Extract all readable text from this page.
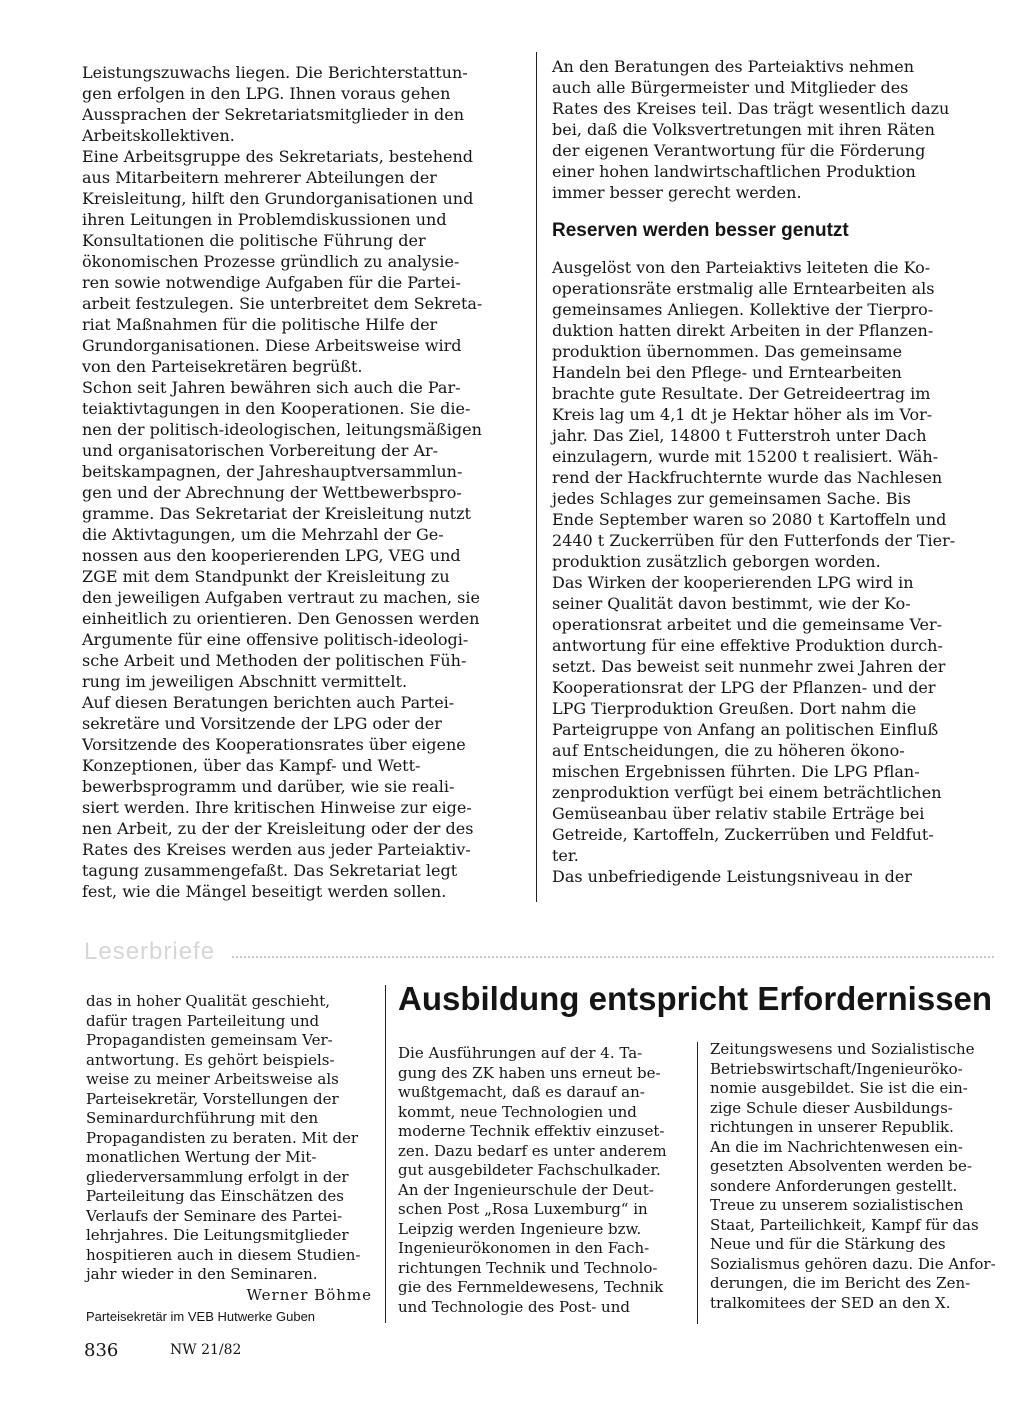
Leistungszuwachs liegen. Die Berichterstattun-
gen erfolgen in den LPG. Ihnen voraus gehen
Aussprachen der Sekretariatsmitglieder in den
Arbeitskollektiven.

Eine Arbeitsgruppe des Sekretariats, bestehend
aus Mitarbeitern mehrerer Abteilungen der
Kreisleitung, hilft den Grundorganisationen und
ihren Leitungen in Problemdiskussionen und
Konsultationen die politische Führung der
ökonomischen Prozesse gründlich zu analysie-
ren sowie notwendige Aufgaben für die Partei-
arbeit festzulegen. Sie unterbreitet dem Sekreta-
riat Maßnahmen für die politische Hilfe der
Grundorganisationen. Diese Arbeitsweise wird
von den Parteisekretären begrüßt.

Schon seit Jahren bewähren sich auch die Par-
teiaktivtagungen in den Kooperationen. Sie die-
nen der politisch-ideologischen, leitungsmäßigen
und organisatorischen Vorbereitung der Ar-
beitskampagnen, der Jahreshauptversammlun-
gen und der Abrechnung der Wettbewerbspro-
gramme. Das Sekretariat der Kreisleitung nutzt
die Aktivtagungen, um die Mehrzahl der Ge-
nossen aus den kooperierenden LPG, VEG und
ZGE mit dem Standpunkt der Kreisleitung zu
den jeweiligen Aufgaben vertraut zu machen, sie
einheitlich zu orientieren. Den Genossen werden
Argumente für eine offensive politisch-ideologi-
sche Arbeit und Methoden der politischen Füh-
rung im jeweiligen Abschnitt vermittelt.

Auf diesen Beratungen berichten auch Partei-
sekretäre und Vorsitzende der LPG oder der
Vorsitzende des Kooperationsrates über eigene
Konzeptionen, über das Kampf- und Wett-
bewerbsprogramm und darüber, wie sie reali-
siert werden. Ihre kritischen Hinweise zur eige-
nen Arbeit, zu der der Kreisleitung oder der des
Rates des Kreises werden aus jeder Parteiaktiv-
tagung zusammengefaßt. Das Sekretariat legt
fest, wie die Mängel beseitigt werden sollen.

An den Beratungen des Parteiaktivs nehmen
auch alle Bürgermeister und Mitglieder des
Rates des Kreises teil. Das trägt wesentlich dazu
bei, daß die Volksvertretungen mit ihren Räten
der eigenen Verantwortung für die Förderung
einer hohen landwirtschaftlichen Produktion
immer besser gerecht werden.

Reserven werden besser genutzt

Ausgelöst von den Parteiaktivs leiteten die Ko-
operationsräte erstmalig alle Erntearbeiten als
gemeinsames Anliegen. Kollektive der Tierpro-
duktion hatten direkt Arbeiten in der Pflanzen-
produktion übernommen. Das gemeinsame
Handeln bei den Pflege- und Erntearbeiten
brachte gute Resultate. Der Getreideertrag im
Kreis lag um 4,1 dt je Hektar höher als im Vor-
jahr. Das Ziel, 14800 t Futterstroh unter Dach
einzulagern, wurde mit 15200 t realisiert. Wäh-
rend der Hackfruchternte wurde das Nachlesen
jedes Schlages zur gemeinsamen Sache. Bis
Ende September waren so 2080 t Kartoffeln und
2440 t Zuckerrüben für den Futterfonds der Tier-
produktion zusätzlich geborgen worden.

Das Wirken der kooperierenden LPG wird in
seiner Qualität davon bestimmt, wie der Ko-
operationsrat arbeitet und die gemeinsame Ver-
antwortung für eine effektive Produktion durch-
setzt. Das beweist seit nunmehr zwei Jahren der
Kooperationsrat der LPG der Pflanzen- und der
LPG Tierproduktion Greußen. Dort nahm die
Parteigruppe von Anfang an politischen Einfluß
auf Entscheidungen, die zu höheren ökono-
mischen Ergebnissen führten. Die LPG Pflan-
zenproduktion verfügt bei einem beträchtlichen
Gemüseanbau über relativ stabile Erträge bei
Getreide, Kartoffeln, Zuckerrüben und Feldfut-
ter.

Das unbefriedigende Leistungsniveau in der

Leserbriefe

das in hoher Qualität geschieht,
dafür tragen Parteileitung und
Propagandisten gemeinsam Ver-
antwortung. Es gehört beispiels-
weise zu meiner Arbeitsweise als
Parteisekretär, Vorstellungen der
Seminardurchführung mit den
Propagandisten zu beraten. Mit der
monatlichen Wertung der Mit-
gliederversammlung erfolgt in der
Parteileitung das Einschätzen des
Verlaufs der Seminare des Partei-
lehrjahres. Die Leitungsmitglieder
hospitieren auch in diesem Studien-
jahr wieder in den Seminaren.

Werner Böhme

Parteisekretär im VEB Hutwerke Guben

Ausbildung entspricht Erfordernissen

Die Ausführungen auf der 4. Ta-
gung des ZK haben uns erneut be-
wußtgemacht, daß es darauf an-
kommt, neue Technologien und
moderne Technik effektiv einzuset-
zen. Dazu bedarf es unter anderem
gut ausgebildeter Fachschulkader.
An der Ingenieurschule der Deut-
schen Post „Rosa Luxemburg“ in
Leipzig werden Ingenieure bzw.
Ingenieurökonomen in den Fach-
richtungen Technik und Technolo-
gie des Fernmeldewesens, Technik
und Technologie des Post- und

Zeitungswesens und Sozialistische
Betriebswirtschaft/Ingenieuröko-
nomie ausgebildet. Sie ist die ein-
zige Schule dieser Ausbildungs-
richtungen in unserer Republik.

An die im Nachrichtenwesen ein-
gesetzten Absolventen werden be-
sondere Anforderungen gestellt.
Treue zu unserem sozialistischen
Staat, Parteilichkeit, Kampf für das
Neue und für die Stärkung des
Sozialismus gehören dazu. Die Anfor-
derungen, die im Bericht des Zen-
tralkomitees der SED an den X.

836	NW 21/82
